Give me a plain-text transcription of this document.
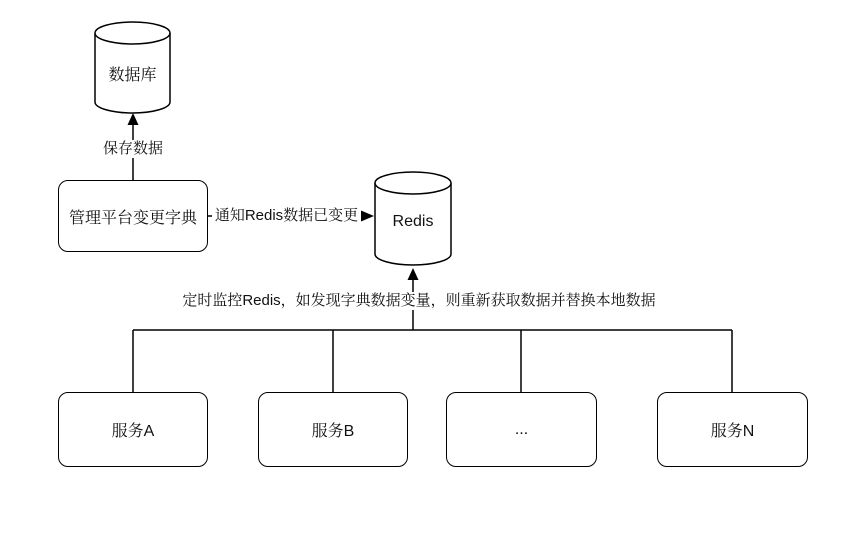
数据库
Redis
管理平台变更字典
服务A	服务B	...	服务N
保存数据
通知Redis数据已变更
定时监控Redis，如发现字典数据变量，则重新获取数据并替换本地数据
